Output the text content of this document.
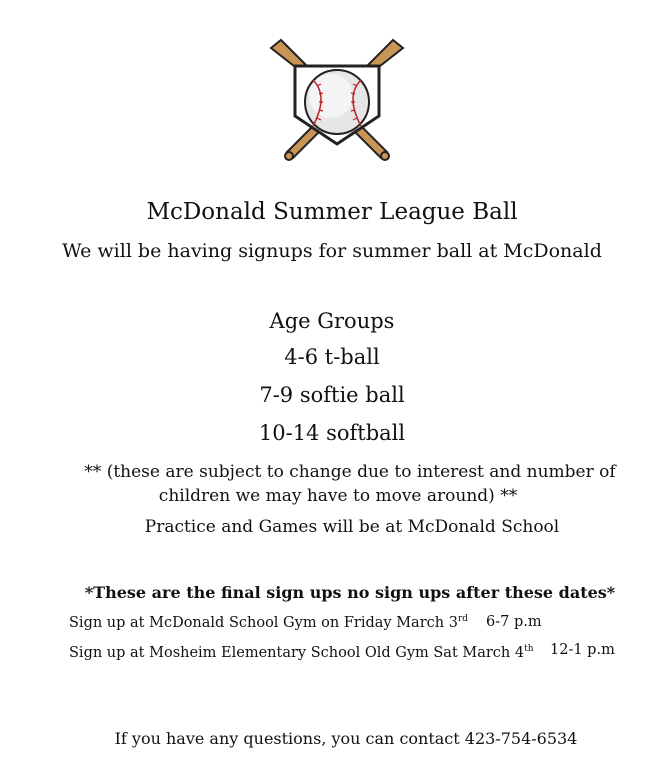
McDonald Summer League Ball
We will be having signups for summer ball at McDonald
Age Groups
4-6 t-ball
7-9 softie ball
10-14 softball
** (these are subject to change due to interest and number of
children we may have to move around) **
Practice and Games will be at McDonald School
*These are the final sign ups no sign ups after these dates*
Sign up at McDonald School Gym on Friday March 3rd 6-7 p.m
Sign up at Mosheim Elementary School Old Gym Sat March 4th 12-1 p.m
If you have any questions, you can contact 423-754-6534
